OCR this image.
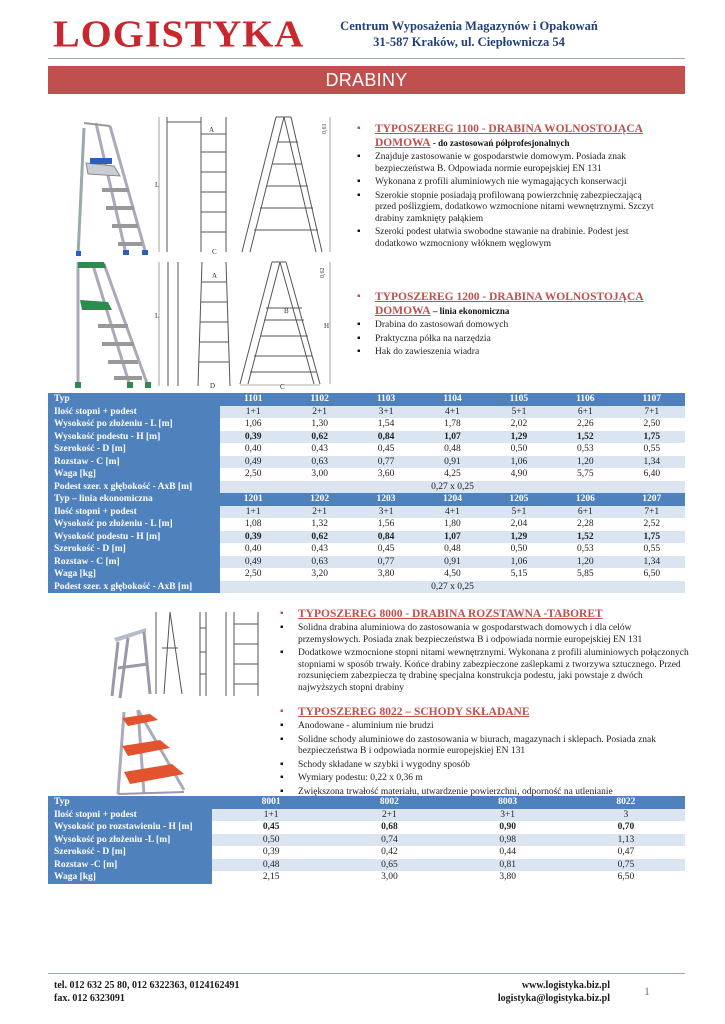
LOGISTYKA	Centrum Wyposażenia Magazynów i Opakowań
31-587 Kraków, ul. Ciepłownicza 54
DRABINY
L
A
C
0,61
L
A
D
B
H
C
0,62
▪ TYPOSZEREG 1100 - DRABINA WOLNOSTOJĄCA DOMOWA - do zastosowań półprofesjonalnych
▪ Znajduje zastosowanie w gospodarstwie domowym. Posiada znak bezpieczeństwa B. Odpowiada normie europejskiej EN 131
▪ Wykonana z profili aluminiowych nie wymagających konserwacji
▪ Szerokie stopnie posiadają profilowaną powierzchnię zabezpieczającą przed poślizgiem, dodatkowo wzmocnione nitami wewnętrznymi. Szczyt drabiny zamknięty pałąkiem
▪ Szeroki podest ułatwia swobodne stawanie na drabinie. Podest jest dodatkowo wzmocniony włóknem węglowym
▪ TYPOSZEREG 1200 - DRABINA WOLNOSTOJĄCA DOMOWA – linia ekonomiczna
▪ Drabina do zastosowań domowych
▪ Praktyczna półka na narzędzia
▪ Hak do zawieszenia wiadra
Typ	1101	1102	1103	1104	1105	1106	1107
Ilość stopni + podest	1+1	2+1	3+1	4+1	5+1	6+1	7+1
Wysokość po złożeniu - L [m]	1,06	1,30	1,54	1,78	2,02	2,26	2,50
Wysokość podestu - H [m]	0,39	0,62	0,84	1,07	1,29	1,52	1,75
Szerokość - D [m]	0,40	0,43	0,45	0,48	0,50	0,53	0,55
Rozstaw - C [m]	0,49	0,63	0,77	0,91	1,06	1,20	1,34
Waga [kg]	2,50	3,00	3,60	4,25	4,90	5,75	6,40
Podest szer. x głębokość - AxB [m]	0,27 x 0,25						
Typ – linia ekonomiczna	1201	1202	1203	1204	1205	1206	1207
Ilość stopni + podest	1+1	2+1	3+1	4+1	5+1	6+1	7+1
Wysokość po złożeniu - L [m]	1,08	1,32	1,56	1,80	2,04	2,28	2,52
Wysokość podestu - H [m]	0,39	0,62	0,84	1,07	1,29	1,52	1,75
Szerokość - D [m]	0,40	0,43	0,45	0,48	0,50	0,53	0,55
Rozstaw - C [m]	0,49	0,63	0,77	0,91	1,06	1,20	1,34
Waga [kg]	2,50	3,20	3,80	4,50	5,15	5,85	6,50
Podest szer. x głębokość - AxB [m]	0,27 x 0,25						
▪ TYPOSZEREG 8000 - DRABINA ROZSTAWNA -TABORET
▪ Solidna drabina aluminiowa do zastosowania w gospodarstwach domowych i dla celów przemysłowych. Posiada znak bezpieczeństwa B i odpowiada normie europejskiej EN 131
▪ Dodatkowe wzmocnione stopni nitami wewnętrznymi. Wykonana z profili aluminiowych połączonych stopniami w sposób trwały. Końce drabiny zabezpieczone zaślepkami z tworzywa sztucznego. Przed rozsunięciem zabezpiecza tę drabinę specjalna konstrukcja podestu, jaki powstaje z dwóch najwyższych stopni drabiny
▪ TYPOSZEREG 8022 – SCHODY SKŁADANE
▪ Anodowane - aluminium nie brudzi
▪ Solidne schody aluminiowe do zastosowania w biurach, magazynach i sklepach. Posiada znak bezpieczeństwa B i odpowiada normie europejskiej EN 131
▪ Schody składane w szybki i wygodny sposób
▪ Wymiary podestu: 0,22 x 0,36 m
▪ Zwiększona trwałość materiału, utwardzenie powierzchni, odporność na utlenianie
Typ	8001	8002	8003	8022
Ilość stopni + podest	1+1	2+1	3+1	3
Wysokość po rozstawieniu - H [m]	0,45	0,68	0,90	0,70
Wysokość po złożeniu -L [m]	0,50	0,74	0,98	1,13
Szerokość - D [m]	0,39	0,42	0,44	0,47
Rozstaw -C [m]	0,48	0,65	0,81	0,75
Waga [kg]	2,15	3,00	3,80	6,50
tel. 012 632 25 80, 012 6322363, 0124162491
fax. 012 6323091
www.logistyka.biz.pl
logistyka@logistyka.biz.pl	1
